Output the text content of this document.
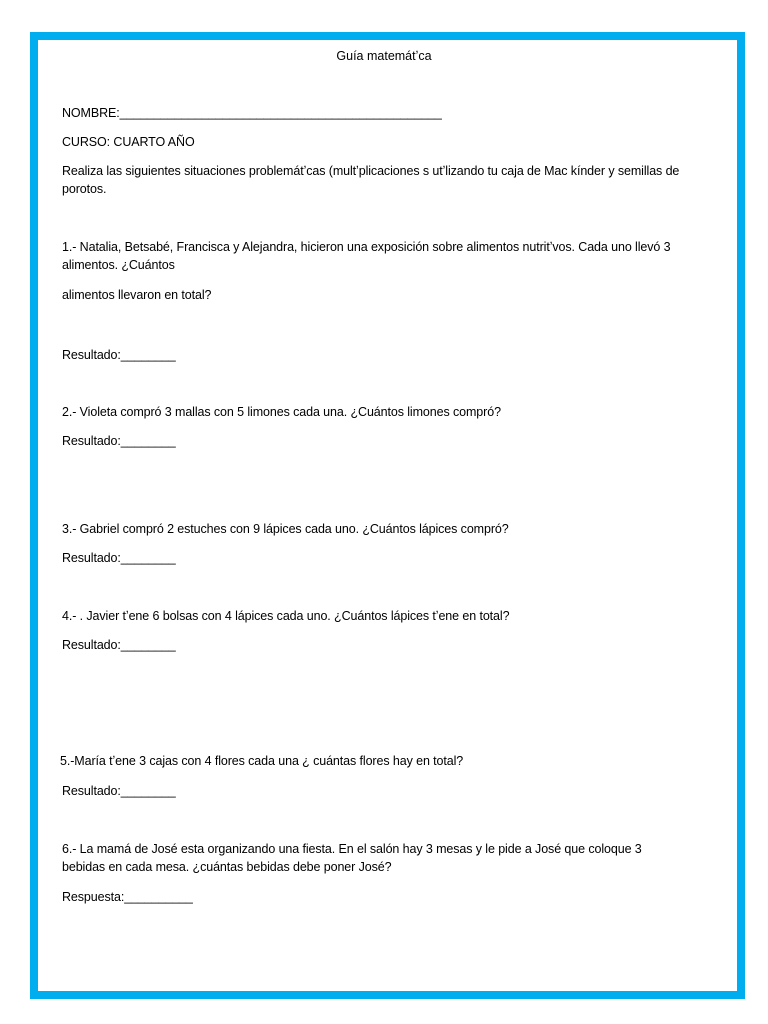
Guía matemátʼca
NOMBRE:_______________________________________________
CURSO: CUARTO AÑO
Realiza las siguientes situaciones problemátʼcas (multʼplicaciones s utʼlizando tu caja de Mac kínder y semillas de porotos.
1.- Natalia, Betsabé, Francisca y Alejandra, hicieron una exposición sobre alimentos nutritʼvos. Cada uno llevó 3 alimentos. ¿Cuántos
alimentos llevaron en total?
Resultado:________
2.- Violeta compró 3 mallas con 5 limones cada una. ¿Cuántos limones compró?
Resultado:________
3.- Gabriel compró 2 estuches con 9 lápices cada uno. ¿Cuántos lápices compró?
Resultado:________
4.- . Javier tʼene 6 bolsas con 4 lápices cada uno. ¿Cuántos lápices tʼene en total?
Resultado:________
5.-María tʼene 3 cajas con 4 flores cada una ¿ cuántas flores hay en total?
Resultado:________
6.- La mamá de José esta organizando una fiesta. En el salón hay 3 mesas y le pide a José que coloque 3 bebidas en cada mesa. ¿cuántas bebidas debe poner José?
Respuesta:__________
